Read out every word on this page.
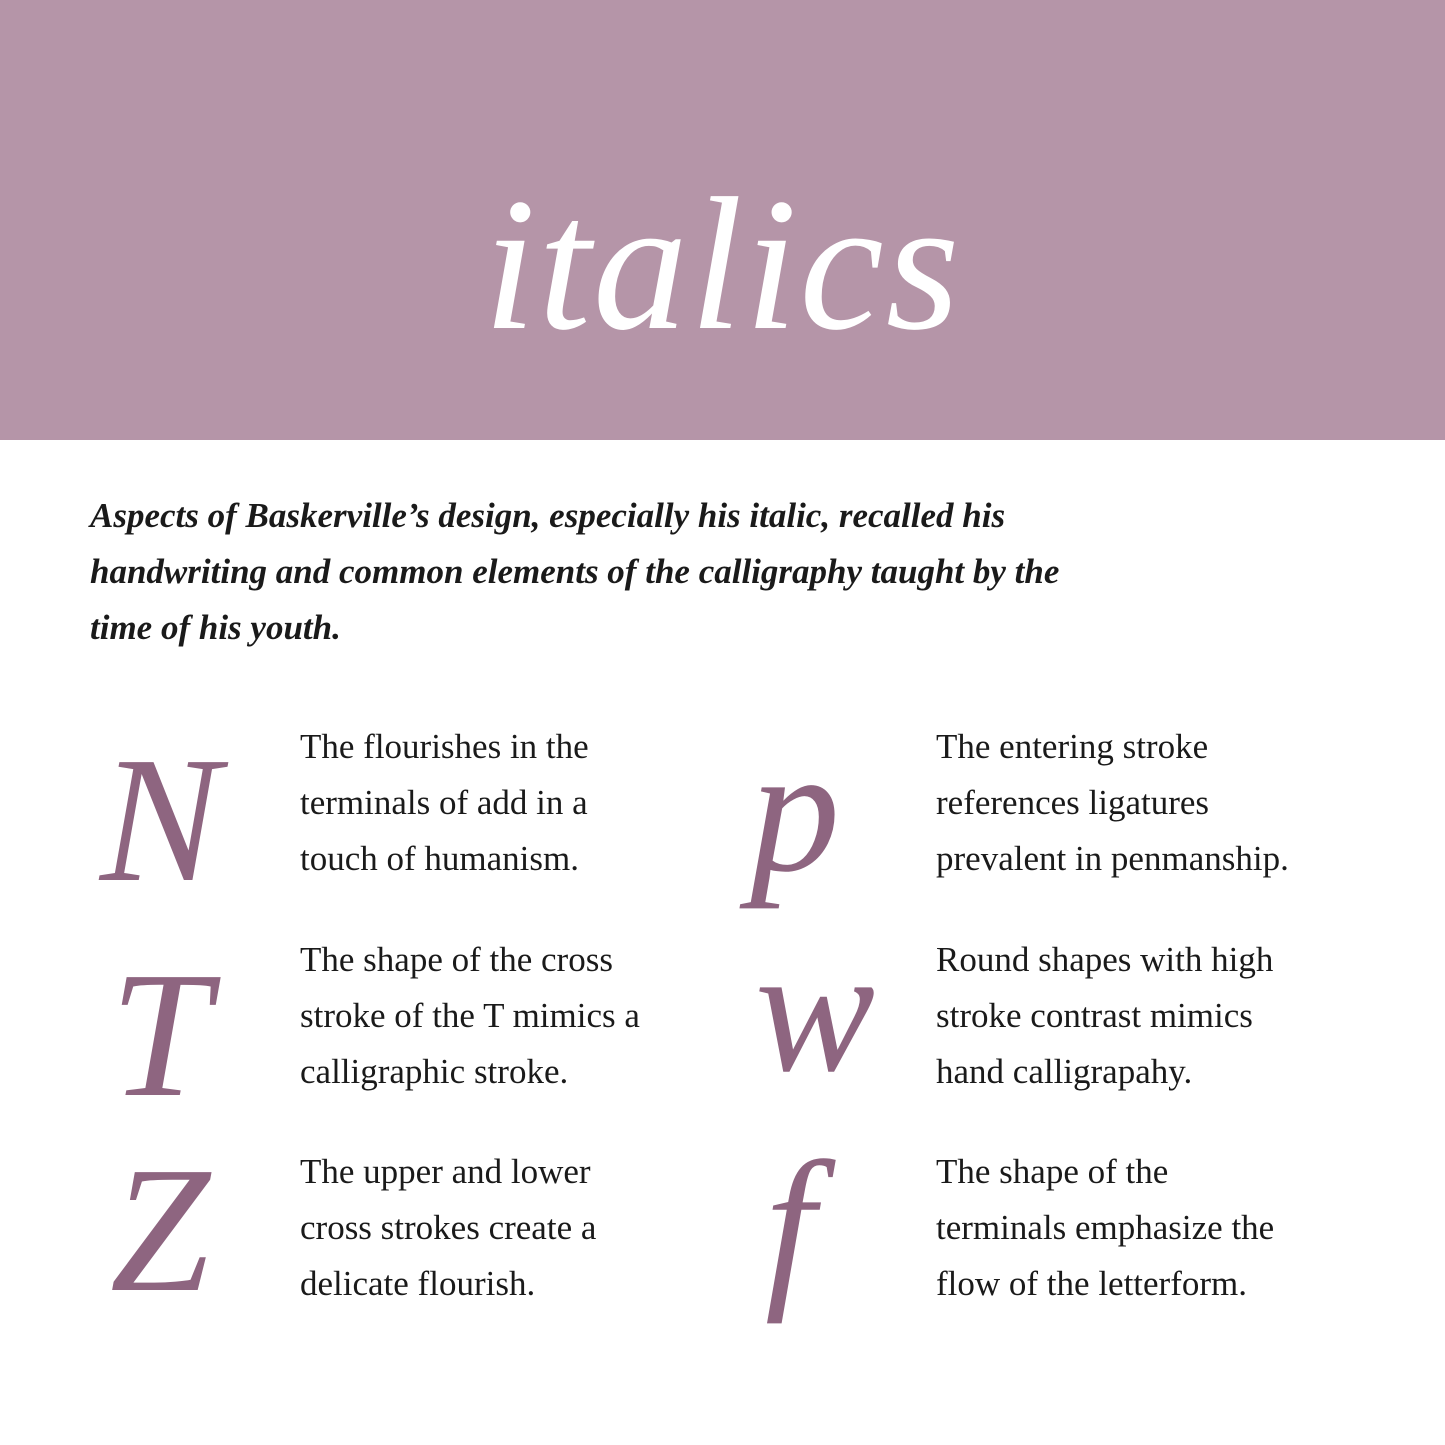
italics

Aspects of Baskerville’s design, especially his italic, recalled his
handwriting and common elements of the calligraphy taught by the
time of his youth.

N	The flourishes in the
terminals of add in a
touch of humanism.

T	The shape of the cross
stroke of the T mimics a
calligraphic stroke.

Z	The upper and lower
cross strokes create a
delicate flourish.

p	The entering stroke
references ligatures
prevalent in penmanship.

w	Round shapes with high
stroke contrast mimics
hand calligrapahy.

f	The shape of the
terminals emphasize the
flow of the letterform.
